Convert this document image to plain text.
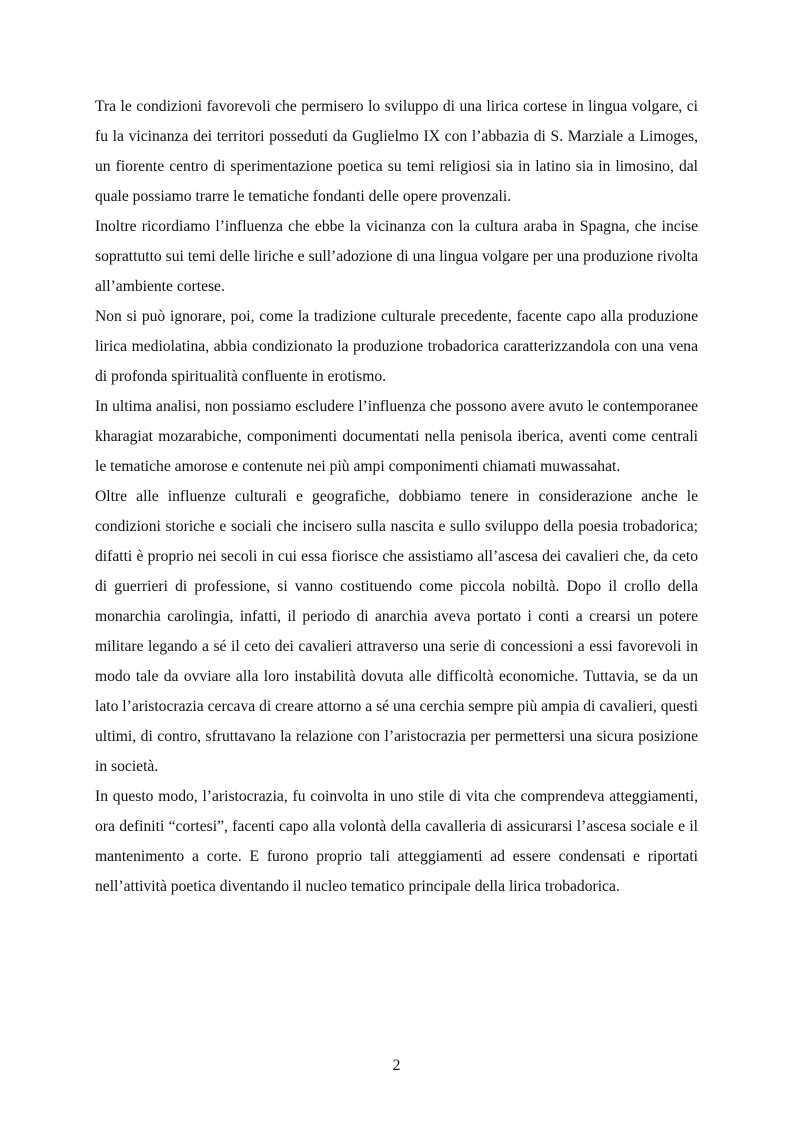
Tra le condizioni favorevoli che permisero lo sviluppo di una lirica cortese in lingua volgare, ci fu la vicinanza dei territori posseduti da Guglielmo IX con l’abbazia di S. Marziale a Limoges, un fiorente centro di sperimentazione poetica su temi religiosi sia in latino sia in limosino, dal quale possiamo trarre le tematiche fondanti delle opere provenzali.

Inoltre ricordiamo l’influenza che ebbe la vicinanza con la cultura araba in Spagna, che incise soprattutto sui temi delle liriche e sull’adozione di una lingua volgare per una produzione rivolta all’ambiente cortese.

Non si può ignorare, poi, come la tradizione culturale precedente, facente capo alla produzione lirica mediolatina, abbia condizionato la produzione trobadorica caratterizzandola con una vena di profonda spiritualità confluente in erotismo.

In ultima analisi, non possiamo escludere l’influenza che possono avere avuto le contemporanee kharagiat mozarabiche, componimenti documentati nella penisola iberica, aventi come centrali le tematiche amorose e contenute nei più ampi componimenti chiamati muwassahat.

Oltre alle influenze culturali e geografiche, dobbiamo tenere in considerazione anche le condizioni storiche e sociali che incisero sulla nascita e sullo sviluppo della poesia trobadorica; difatti è proprio nei secoli in cui essa fiorisce che assistiamo all’ascesa dei cavalieri che, da ceto di guerrieri di professione, si vanno costituendo come piccola nobiltà. Dopo il crollo della monarchia carolingia, infatti, il periodo di anarchia aveva portato i conti a crearsi un potere militare legando a sé il ceto dei cavalieri attraverso una serie di concessioni a essi favorevoli in modo tale da ovviare alla loro instabilità dovuta alle difficoltà economiche. Tuttavia, se da un lato l’aristocrazia cercava di creare attorno a sé una cerchia sempre più ampia di cavalieri, questi ultimi, di contro, sfruttavano la relazione con l’aristocrazia per permettersi una sicura posizione in società.

In questo modo, l’aristocrazia, fu coinvolta in uno stile di vita che comprendeva atteggiamenti, ora definiti “cortesi”, facenti capo alla volontà della cavalleria di assicurarsi l’ascesa sociale e il mantenimento a corte. E furono proprio tali atteggiamenti ad essere condensati e riportati nell’attività poetica diventando il nucleo tematico principale della lirica trobadorica.

2
